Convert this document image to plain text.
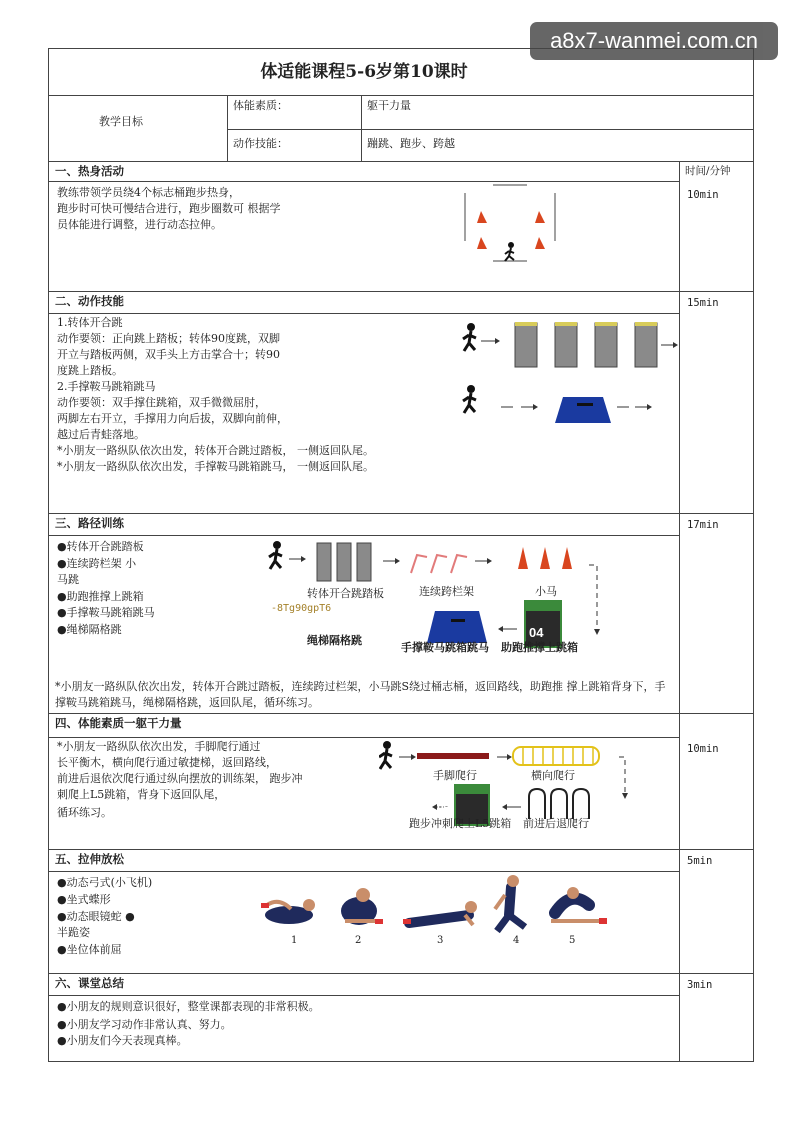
a8x7-wanmei.com.cn
体适能课程5-6岁第10课时
教学目标
体能素质：	躯干力量
动作技能：	蹦跳、跑步、跨越
时间/分钟
一、热身活动
10min
教练带领学员绕4个标志桶跑步热身，
跑步时可快可慢结合进行，跑步圈数可 根据学
员体能进行调整，进行动态拉伸。
二、动作技能	15min
1.转体开合跳
动作要领：正向跳上踏板；转体90度跳，双脚
开立与踏板两侧，双手头上方击掌合十；转90
度跳上踏板。
2.手撑鞍马跳箱跳马
动作要领：双手撑住跳箱，双手微微屈肘，
两脚左右开立，手撑用力向后拔，双脚向前伸，
越过后青蛙落地。
*小朋友一路纵队依次出发，转体开合跳过踏板， 一侧返回队尾。
*小朋友一路纵队依次出发，手撑鞍马跳箱跳马， 一侧返回队尾。
三、路径训练	17min
●转体开合跳踏板
●连续跨栏架 小
马跳
●助跑推撑上跳箱
●手撑鞍马跳箱跳马
●绳梯隔格跳
转体开合跳踏板	连续跨栏架	小马
-8Tg90gpT6
绳梯隔格跳
手撑鞍马跳箱跳马 助跑推撑上跳箱
04
*小朋友一路纵队依次出发，转体开合跳过踏板，连续跨过栏架，小马跳S绕过桶志桶，返回路线，助跑推 撑上跳箱背身下，手
撑鞍马跳箱跳马，绳梯隔格跳，返回队尾，循环练习。
四、体能素质一躯干力量
10min
*小朋友一路纵队依次出发，手脚爬行通过
长平衡木，横向爬行通过敏捷梯，返回路线，
前进后退依次爬行通过纵向摆放的训练架， 跑步冲
刺爬上L5跳箱，背身下返回队尾，
循环练习。
手脚爬行	横向爬行
跑步冲刺爬上L5跳箱 前进后退爬行
04
五、拉伸放松	5min
●动态弓式(小飞机)
●坐式蝶形
●动态眼镜蛇 ●
半跪姿
●坐位体前屈
1	2	3	4	5
六、课堂总结	3min
●小朋友的规则意识很好，整堂课都表现的非常积极。
●小朋友学习动作非常认真、努力。
●小朋友们今天表现真棒。
